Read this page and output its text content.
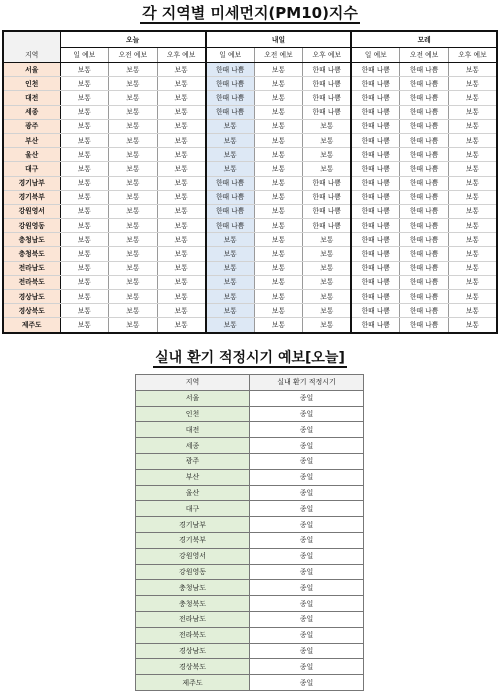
각 지역별 미세먼지(PM10)지수
	오늘			내일			모레		
지역	일 예보	오전 예보	오후 예보	일 예보	오전 예보	오후 예보	일 예보	오전 예보	오후 예보
서울	보통	보통	보통	한때 나쁨	보통	한때 나쁨	한때 나쁨	한때 나쁨	보통
인천	보통	보통	보통	한때 나쁨	보통	한때 나쁨	한때 나쁨	한때 나쁨	보통
대전	보통	보통	보통	한때 나쁨	보통	한때 나쁨	한때 나쁨	한때 나쁨	보통
세종	보통	보통	보통	한때 나쁨	보통	한때 나쁨	한때 나쁨	한때 나쁨	보통
광주	보통	보통	보통	보통	보통	보통	한때 나쁨	한때 나쁨	보통
부산	보통	보통	보통	보통	보통	보통	한때 나쁨	한때 나쁨	보통
울산	보통	보통	보통	보통	보통	보통	한때 나쁨	한때 나쁨	보통
대구	보통	보통	보통	보통	보통	보통	한때 나쁨	한때 나쁨	보통
경기남부	보통	보통	보통	한때 나쁨	보통	한때 나쁨	한때 나쁨	한때 나쁨	보통
경기북부	보통	보통	보통	한때 나쁨	보통	한때 나쁨	한때 나쁨	한때 나쁨	보통
강원영서	보통	보통	보통	한때 나쁨	보통	한때 나쁨	한때 나쁨	한때 나쁨	보통
강원영동	보통	보통	보통	한때 나쁨	보통	한때 나쁨	한때 나쁨	한때 나쁨	보통
충청남도	보통	보통	보통	보통	보통	보통	한때 나쁨	한때 나쁨	보통
충청북도	보통	보통	보통	보통	보통	보통	한때 나쁨	한때 나쁨	보통
전라남도	보통	보통	보통	보통	보통	보통	한때 나쁨	한때 나쁨	보통
전라북도	보통	보통	보통	보통	보통	보통	한때 나쁨	한때 나쁨	보통
경상남도	보통	보통	보통	보통	보통	보통	한때 나쁨	한때 나쁨	보통
경상북도	보통	보통	보통	보통	보통	보통	한때 나쁨	한때 나쁨	보통
제주도	보통	보통	보통	보통	보통	보통	한때 나쁨	한때 나쁨	보통
실내 환기 적정시기 예보[오늘]
지역	실내 환기 적정시기
서울	종일
인천	종일
대전	종일
세종	종일
광주	종일
부산	종일
울산	종일
대구	종일
경기남부	종일
경기북부	종일
강원영서	종일
강원영동	종일
충청남도	종일
충청북도	종일
전라남도	종일
전라북도	종일
경상남도	종일
경상북도	종일
제주도	종일
